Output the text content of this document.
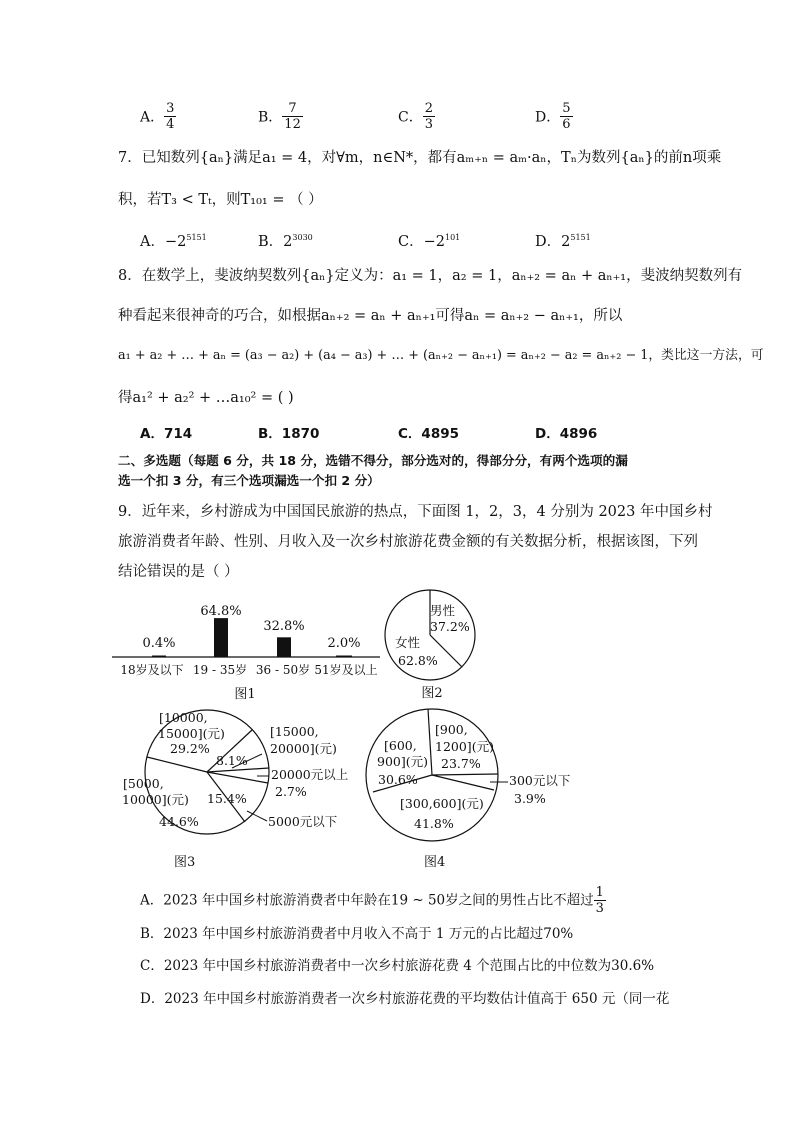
A． $\frac{3}{4}$	B． $\frac{7}{12}$	C． $\frac{2}{3}$	D． $\frac{5}{6}$
7．已知数列{aₙ}满足a₁ = 4，对∀m，n∈N*，都有aₘ₊ₙ = aₘ·aₙ，Tₙ为数列{aₙ}的前n项乘
积，若T₃ < Tₜ，则T₁₀₁ = （ ）
A．$-2^{5151}$	B．$2^{3030}$	C．$-2^{101}$	D．$2^{5151}$
8．在数学上，斐波纳契数列{aₙ}定义为：a₁ = 1，a₂ = 1，aₙ₊₂ = aₙ + aₙ₊₁，斐波纳契数列有
种看起来很神奇的巧合，如根据aₙ₊₂ = aₙ + aₙ₊₁可得aₙ = aₙ₊₂ − aₙ₊₁，所以
a₁ + a₂ + … + aₙ = (a₃ − a₂) + (a₄ − a₃) + … + (aₙ₊₂ − aₙ₊₁) = aₙ₊₂ − a₂ = aₙ₊₂ − 1，类比这一方法，可
得a₁² + a₂² + …a₁₀² = ( )
A．714	B．1870	C．4895	D．4896
二、多选题（每题 6 分，共 18 分，选错不得分，部分选对的，得部分分，有两个选项的漏
选一个扣 3 分，有三个选项漏选一个扣 2 分）
9．近年来，乡村游成为中国国民旅游的热点，下面图 1，2，3，4 分别为 2023 年中国乡村
旅游消费者年龄、性别、月收入及一次乡村旅游花费金额的有关数据分析，根据该图，下列
结论错误的是（ ）
0.4%
64.8%
32.8%
2.0%
18岁及以下 19 - 35岁 36 - 50岁 51岁及以上
图1
男性
37.2%
女性
62.8%
图2
[10000,
15000](元)
29.2%
[15000,
20000](元)
8.1%
20000元以上
2.7%
[5000,
10000](元)
44.6%
15.4%
5000元以下
图3
[600,
900](元)
30.6%
[900,
1200](元)
23.7%
300元以下
3.9%
[300,600](元)
41.8%
图4
A．2023 年中国乡村旅游消费者中年龄在19 ~ 50岁之间的男性占比不超过 $\frac{1}{3}$
B．2023 年中国乡村旅游消费者中月收入不高于 1 万元的占比超过70%
C．2023 年中国乡村旅游消费者中一次乡村旅游花费 4 个范围占比的中位数为30.6%
D．2023 年中国乡村旅游消费者一次乡村旅游花费的平均数估计值高于 650 元（同一花
